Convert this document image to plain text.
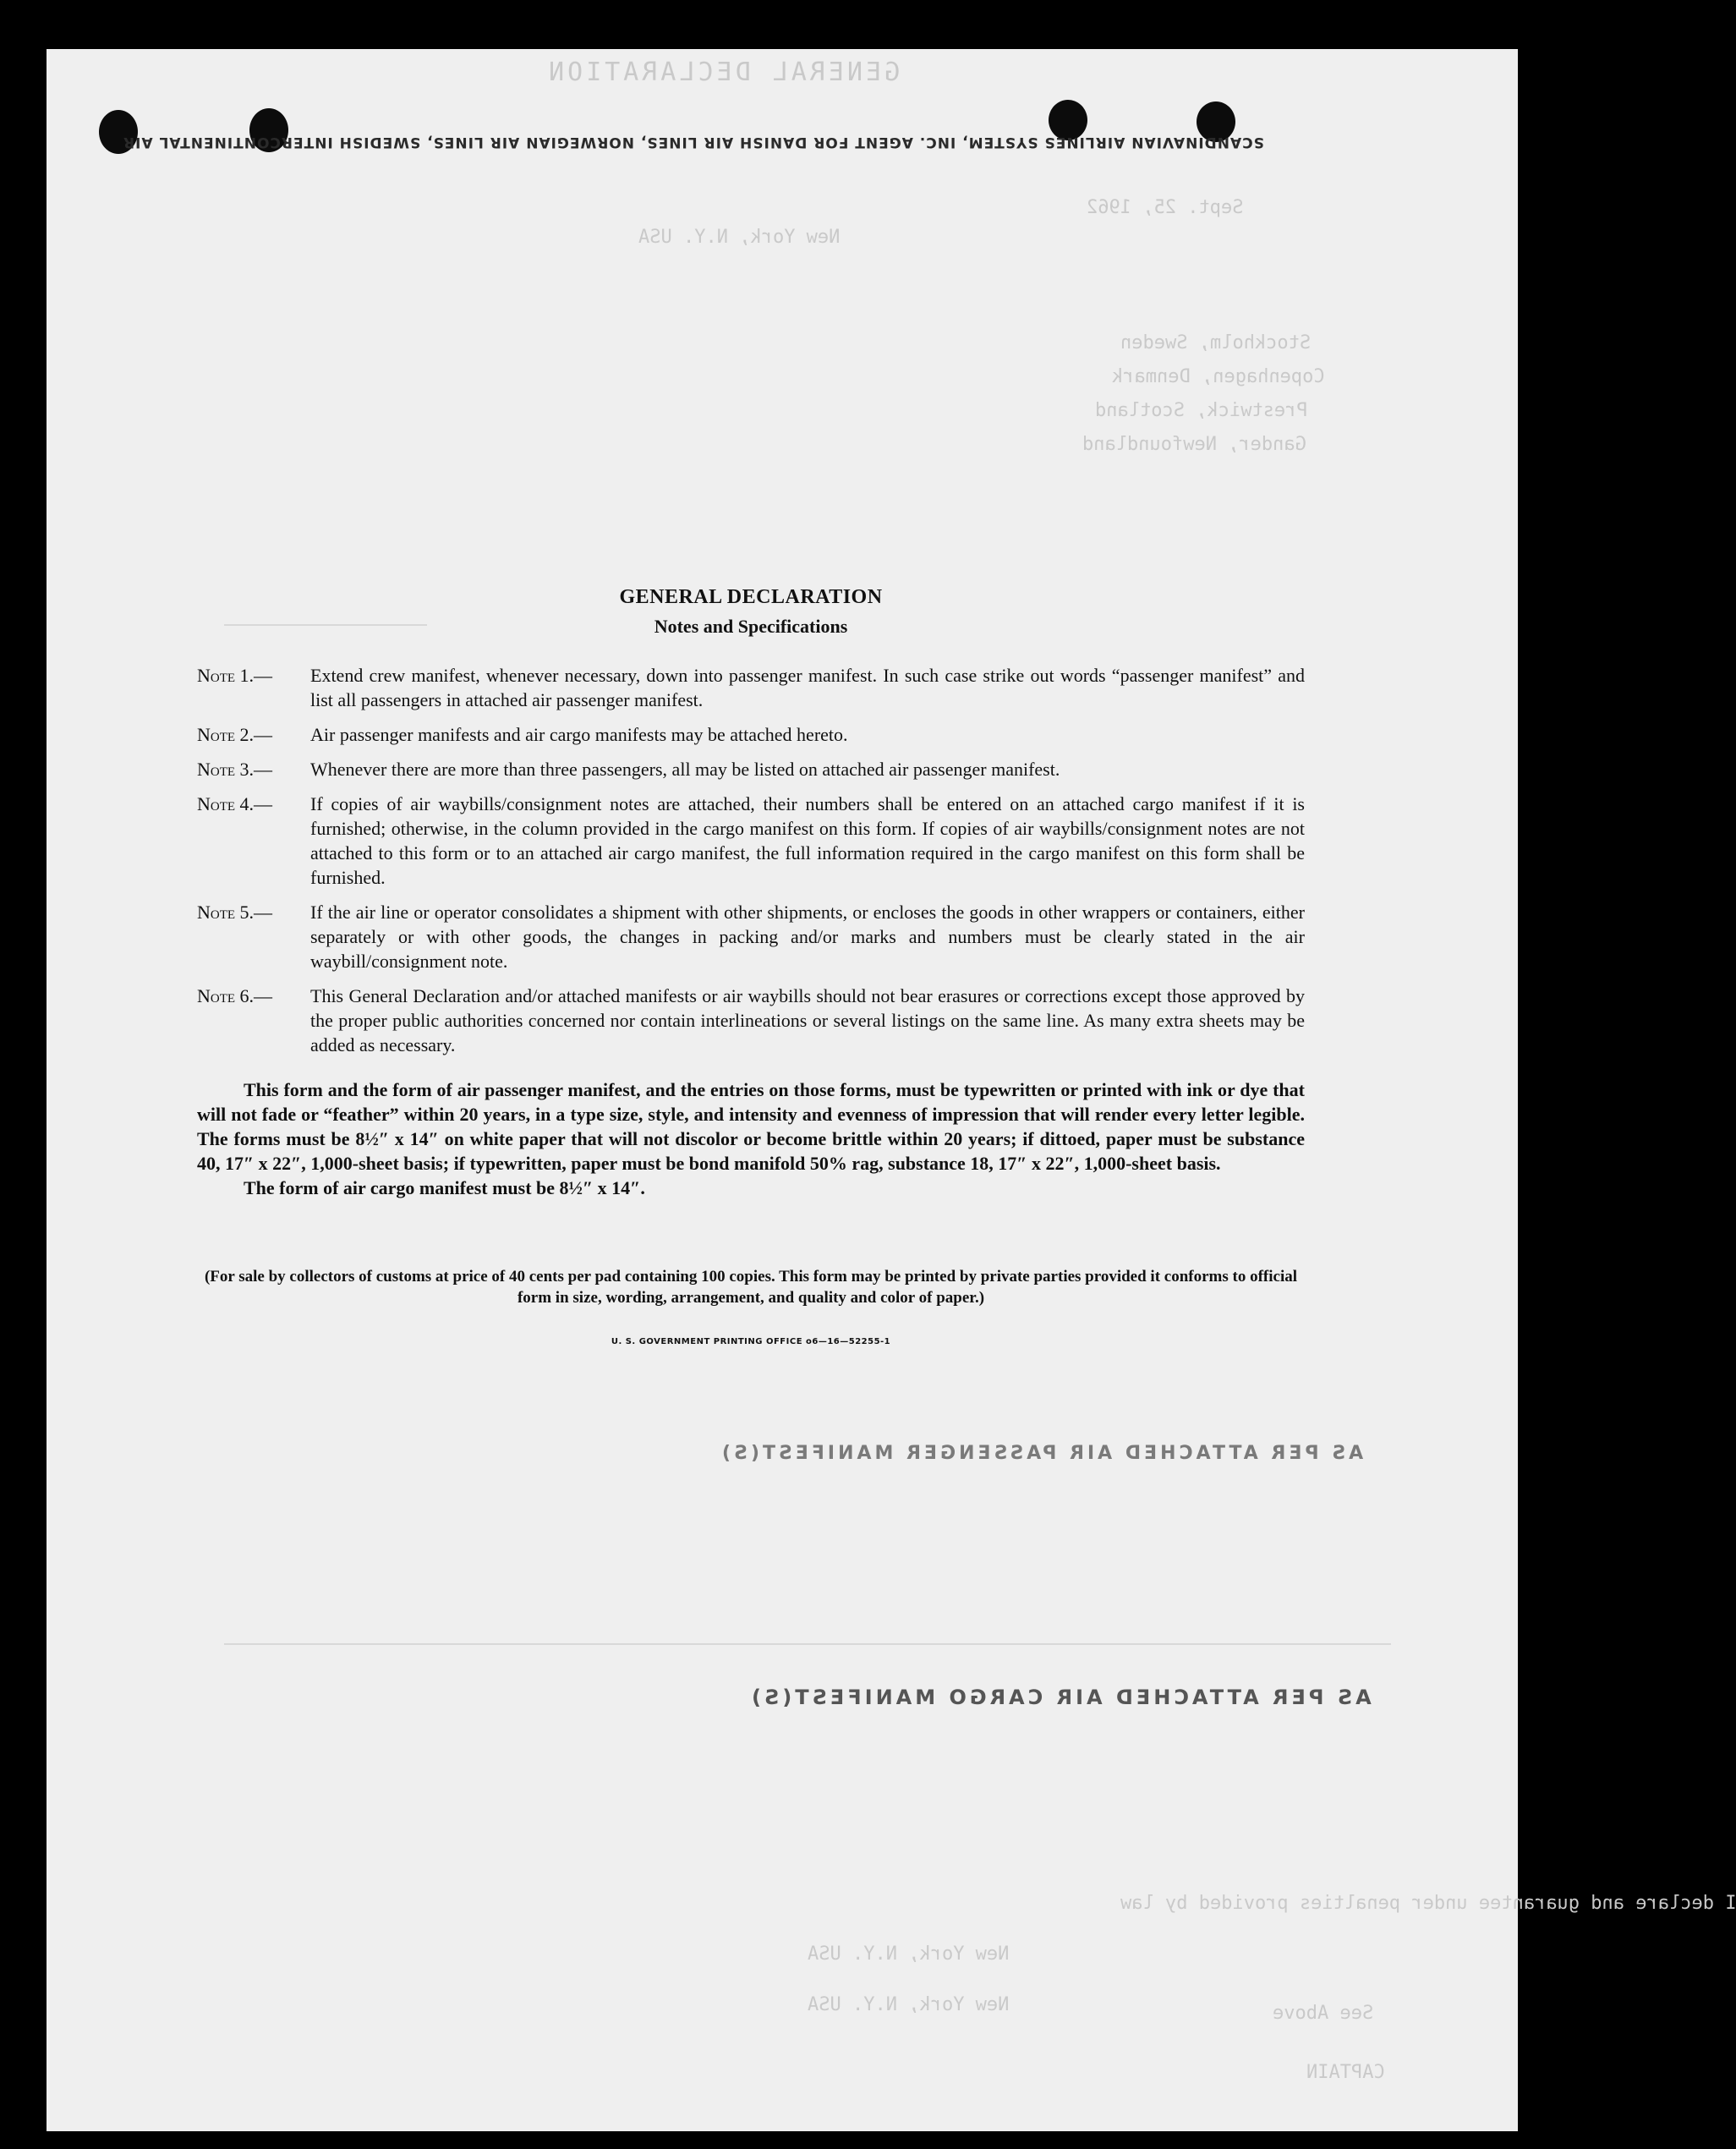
GENERAL DECLARATION
Sept. 25, 1962
Stockholm, Sweden
Copenhagen, Denmark
Prestwick, Scotland
Gander, Newfoundland
New York, N.Y. USA
I declare and guarantee under penalties provided by law
New York, N.Y. USA
New York, N.Y. USA	See Above
CAPTAIN
SCANDINAVIAN AIRLINES SYSTEM, INC. AGENT FOR DANISH AIR LINES, NORWEGIAN AIR LINES, SWEDISH INTERCONTINENTAL AIR
GENERAL DECLARATION
Notes and Specifications
Note 1.—	Extend crew manifest, whenever necessary, down into passenger manifest. In such case strike out words “passenger manifest” and list all passengers in attached air passenger manifest.
Note 2.—	Air passenger manifests and air cargo manifests may be attached hereto.
Note 3.—	Whenever there are more than three passengers, all may be listed on attached air passenger manifest.
Note 4.—	If copies of air waybills/consignment notes are attached, their numbers shall be entered on an attached cargo manifest if it is furnished; otherwise, in the column provided in the cargo manifest on this form. If copies of air waybills/consignment notes are not attached to this form or to an attached air cargo manifest, the full information required in the cargo manifest on this form shall be furnished.
Note 5.—	If the air line or operator consolidates a shipment with other shipments, or encloses the goods in other wrappers or containers, either separately or with other goods, the changes in packing and/or marks and numbers must be clearly stated in the air waybill/consignment note.
Note 6.—	This General Declaration and/or attached manifests or air waybills should not bear erasures or corrections except those approved by the proper public authorities concerned nor contain interlineations or several listings on the same line. As many extra sheets may be added as necessary.
This form and the form of air passenger manifest, and the entries on those forms, must be typewritten or printed with ink or dye that will not fade or “feather” within 20 years, in a type size, style, and intensity and evenness of impression that will render every letter legible. The forms must be 8½″ x 14″ on white paper that will not discolor or become brittle within 20 years; if dittoed, paper must be substance 40, 17″ x 22″, 1,000-sheet basis; if typewritten, paper must be bond manifold 50% rag, substance 18, 17″ x 22″, 1,000-sheet basis.
The form of air cargo manifest must be 8½″ x 14″.
(For sale by collectors of customs at price of 40 cents per pad containing 100 copies. This form may be printed by private parties provided it conforms to official form in size, wording, arrangement, and quality and color of paper.)
U. S. GOVERNMENT PRINTING OFFICE o6—16—52255-1
AS PER ATTACHED AIR PASSENGER MANIFEST(S)
AS PER ATTACHED AIR CARGO MANIFEST(S)
